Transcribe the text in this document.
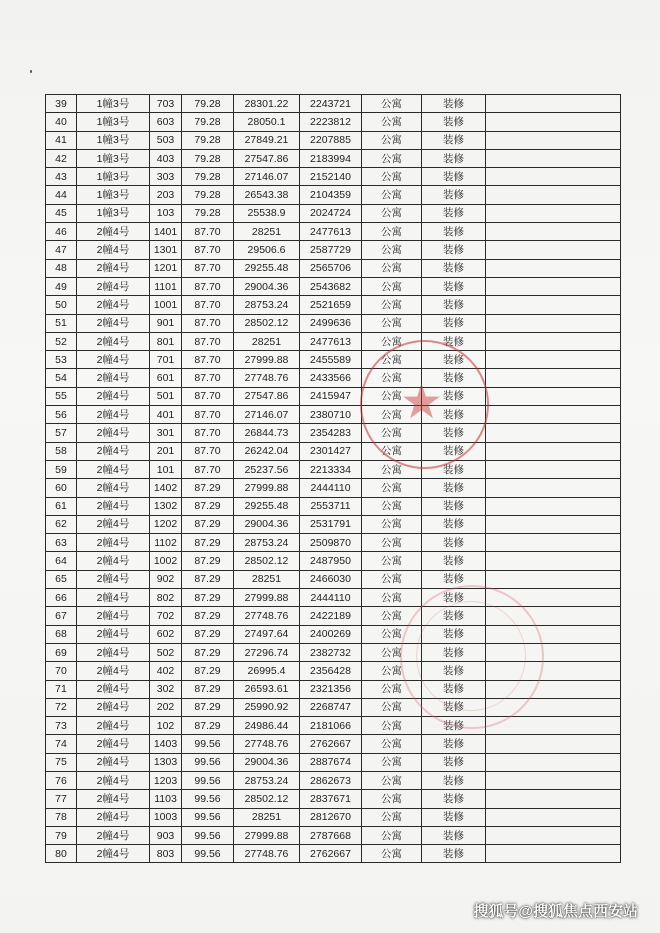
39	1幢3号	703	79.28	28301.22	2243721	公寓	装修	
40	1幢3号	603	79.28	28050.1	2223812	公寓	装修	
41	1幢3号	503	79.28	27849.21	2207885	公寓	装修	
42	1幢3号	403	79.28	27547.86	2183994	公寓	装修	
43	1幢3号	303	79.28	27146.07	2152140	公寓	装修	
44	1幢3号	203	79.28	26543.38	2104359	公寓	装修	
45	1幢3号	103	79.28	25538.9	2024724	公寓	装修	
46	2幢4号	1401	87.70	28251	2477613	公寓	装修	
47	2幢4号	1301	87.70	29506.6	2587729	公寓	装修	
48	2幢4号	1201	87.70	29255.48	2565706	公寓	装修	
49	2幢4号	1101	87.70	29004.36	2543682	公寓	装修	
50	2幢4号	1001	87.70	28753.24	2521659	公寓	装修	
51	2幢4号	901	87.70	28502.12	2499636	公寓	装修	
52	2幢4号	801	87.70	28251	2477613	公寓	装修	
53	2幢4号	701	87.70	27999.88	2455589	公寓	装修	
54	2幢4号	601	87.70	27748.76	2433566	公寓	装修	
55	2幢4号	501	87.70	27547.86	2415947	公寓	装修	
56	2幢4号	401	87.70	27146.07	2380710	公寓	装修	
57	2幢4号	301	87.70	26844.73	2354283	公寓	装修	
58	2幢4号	201	87.70	26242.04	2301427	公寓	装修	
59	2幢4号	101	87.70	25237.56	2213334	公寓	装修	
60	2幢4号	1402	87.29	27999.88	2444110	公寓	装修	
61	2幢4号	1302	87.29	29255.48	2553711	公寓	装修	
62	2幢4号	1202	87.29	29004.36	2531791	公寓	装修	
63	2幢4号	1102	87.29	28753.24	2509870	公寓	装修	
64	2幢4号	1002	87.29	28502.12	2487950	公寓	装修	
65	2幢4号	902	87.29	28251	2466030	公寓	装修	
66	2幢4号	802	87.29	27999.88	2444110	公寓	装修	
67	2幢4号	702	87.29	27748.76	2422189	公寓	装修	
68	2幢4号	602	87.29	27497.64	2400269	公寓	装修	
69	2幢4号	502	87.29	27296.74	2382732	公寓	装修	
70	2幢4号	402	87.29	26995.4	2356428	公寓	装修	
71	2幢4号	302	87.29	26593.61	2321356	公寓	装修	
72	2幢4号	202	87.29	25990.92	2268747	公寓	装修	
73	2幢4号	102	87.29	24986.44	2181066	公寓	装修	
74	2幢4号	1403	99.56	27748.76	2762667	公寓	装修	
75	2幢4号	1303	99.56	29004.36	2887674	公寓	装修	
76	2幢4号	1203	99.56	28753.24	2862673	公寓	装修	
77	2幢4号	1103	99.56	28502.12	2837671	公寓	装修	
78	2幢4号	1003	99.56	28251	2812670	公寓	装修	
79	2幢4号	903	99.56	27999.88	2787668	公寓	装修	
80	2幢4号	803	99.56	27748.76	2762667	公寓	装修	
★
搜狐号@搜狐焦点西安站
